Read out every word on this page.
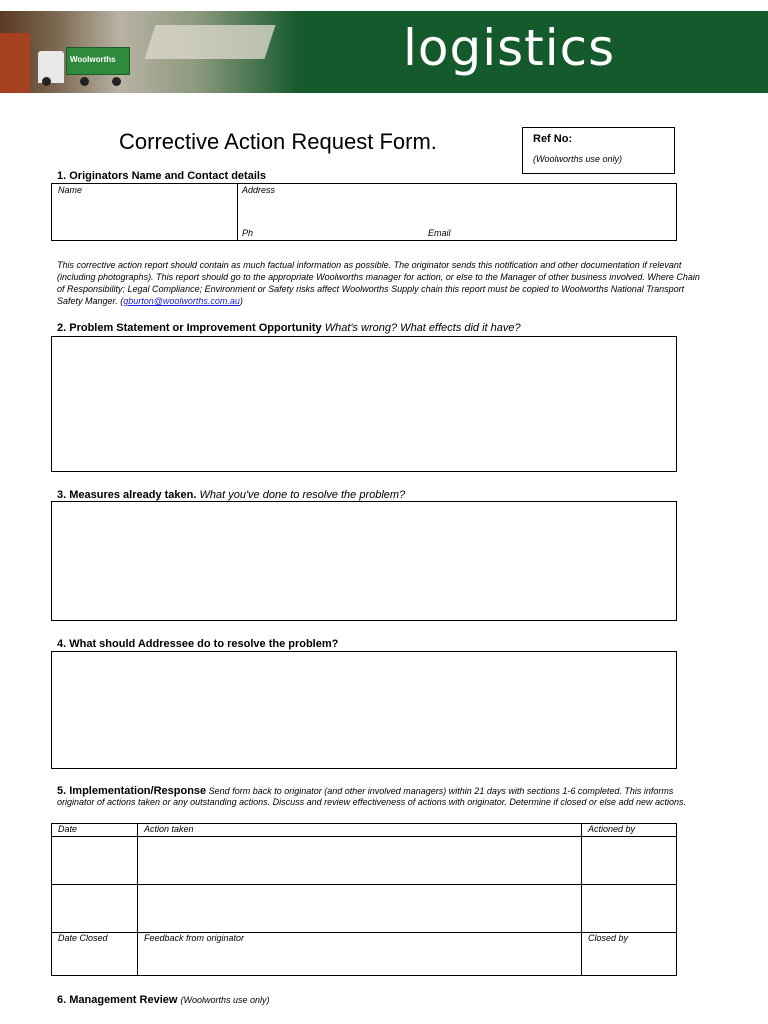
Woolworths	logistics
Corrective Action Request Form.	Ref No:
(Woolworths use only)
1. Originators Name and Contact details
Name	Address
Ph	Email
This corrective action report should contain as much factual information as possible. The originator sends this notification and other documentation if relevant (including photographs). This report should go to the appropriate Woolworths manager for action, or else to the Manager of other business involved. Where Chain of Responsibility; Legal Compliance; Environment or Safety risks affect Woolworths Supply chain this report must be copied to Woolworths National Transport Safety Manger. (gburton@woolworths.com.au)
2. Problem Statement or Improvement Opportunity What's wrong? What effects did it have?
3. Measures already taken. What you've done to resolve the problem?
4. What should Addressee do to resolve the problem?
5. Implementation/Response Send form back to originator (and other involved managers) within 21 days with sections 1-6 completed. This informs originator of actions taken or any outstanding actions. Discuss and review effectiveness of actions with originator. Determine if closed or else add new actions.
Date	Action taken	Actioned by

Date Closed	Feedback from originator	Closed by
6. Management Review (Woolworths use only)
